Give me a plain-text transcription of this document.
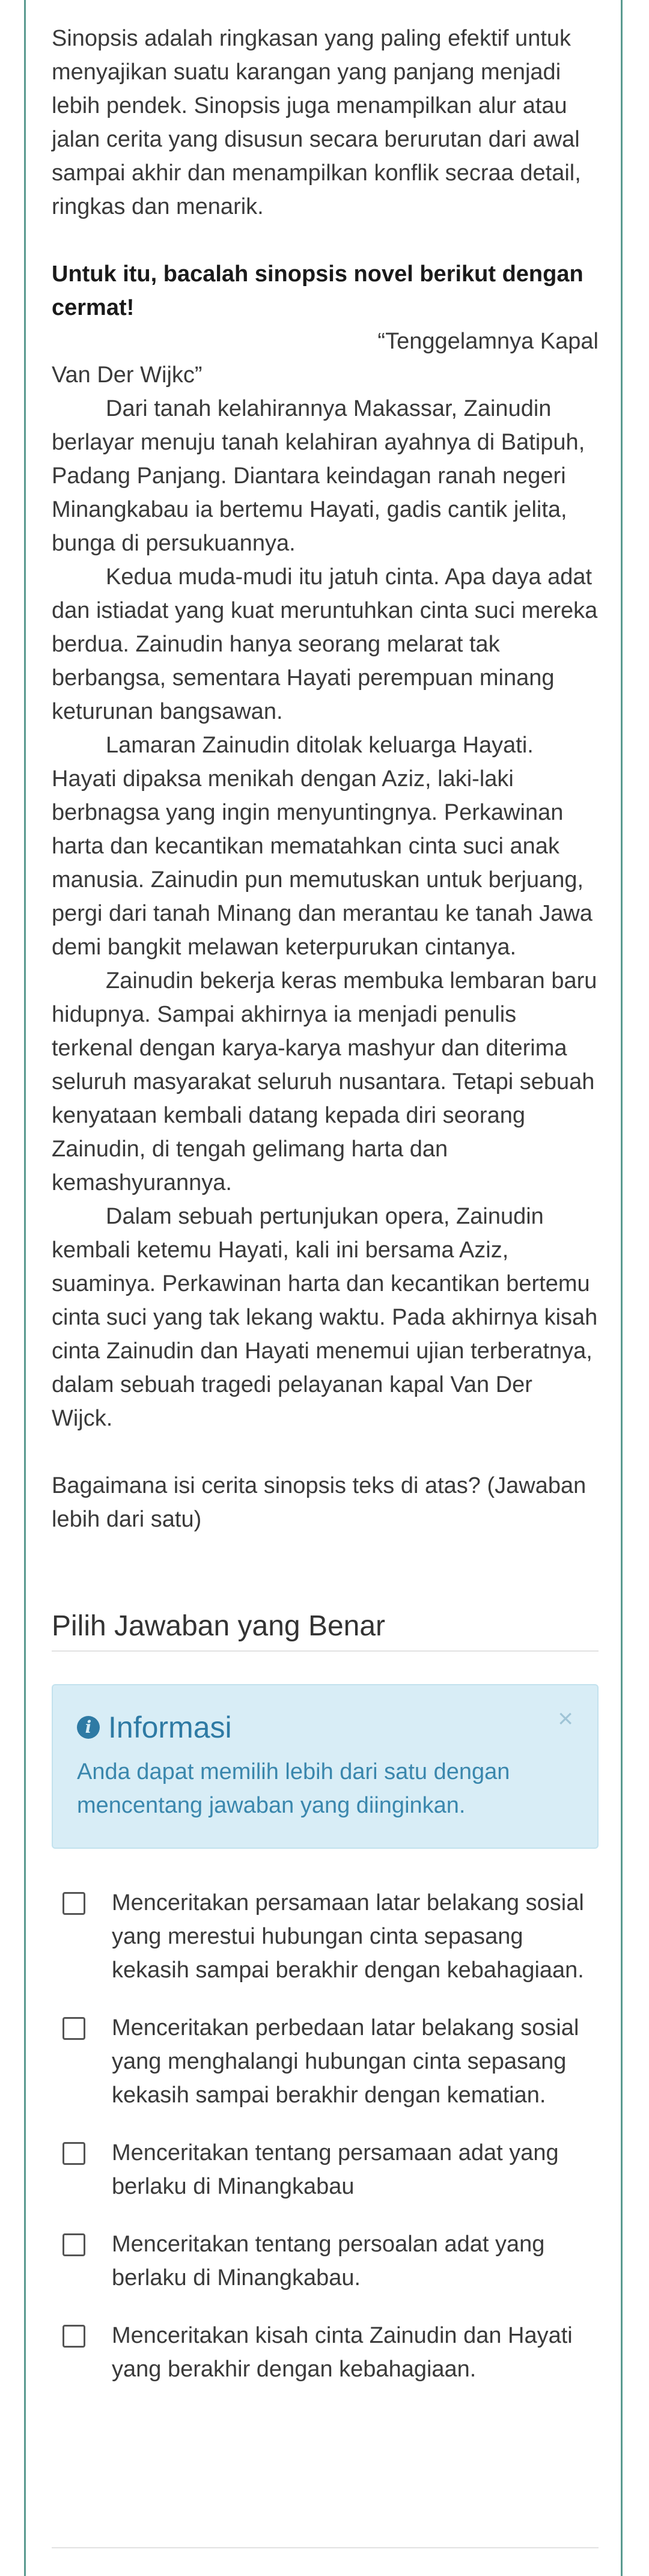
Sinopsis adalah ringkasan yang paling efektif untuk menyajikan suatu karangan yang panjang menjadi lebih pendek. Sinopsis juga menampilkan alur atau jalan cerita yang disusun secara berurutan dari awal sampai akhir dan menampilkan konflik secraa detail, ringkas dan menarik.

Untuk itu, bacalah sinopsis novel berikut dengan cermat!

“Tenggelamnya Kapal

Van Der Wijkc”

Dari tanah kelahirannya Makassar, Zainudin berlayar menuju tanah kelahiran ayahnya di Batipuh, Padang Panjang. Diantara keindagan ranah negeri Minangkabau ia bertemu Hayati, gadis cantik jelita, bunga di persukuannya.

Kedua muda-mudi itu jatuh cinta. Apa daya adat dan istiadat yang kuat meruntuhkan cinta suci mereka berdua. Zainudin hanya seorang melarat tak berbangsa, sementara Hayati perempuan minang keturunan bangsawan.

Lamaran Zainudin ditolak keluarga Hayati. Hayati dipaksa menikah dengan Aziz, laki-laki berbnagsa yang ingin menyuntingnya. Perkawinan harta dan kecantikan mematahkan cinta suci anak manusia. Zainudin pun memutuskan untuk berjuang, pergi dari tanah Minang dan merantau ke tanah Jawa demi bangkit melawan keterpurukan cintanya.

Zainudin bekerja keras membuka lembaran baru hidupnya. Sampai akhirnya ia menjadi penulis terkenal dengan karya-karya mashyur dan diterima seluruh masyarakat seluruh nusantara. Tetapi sebuah kenyataan kembali datang kepada diri seorang Zainudin, di tengah gelimang harta dan kemashyurannya.

Dalam sebuah pertunjukan opera, Zainudin kembali ketemu Hayati, kali ini bersama Aziz, suaminya. Perkawinan harta dan kecantikan bertemu cinta suci yang tak lekang waktu. Pada akhirnya kisah cinta Zainudin dan Hayati menemui ujian terberatnya, dalam sebuah tragedi pelayanan kapal Van Der Wijck.

Bagaimana isi cerita sinopsis teks di atas? (Jawaban lebih dari satu)

Pilih Jawaban yang Benar
i Informasi	×
Anda dapat memilih lebih dari satu dengan mencentang jawaban yang diinginkan.
Menceritakan persamaan latar belakang sosial yang merestui hubungan cinta sepasang kekasih sampai berakhir dengan kebahagiaan.
Menceritakan perbedaan latar belakang sosial yang menghalangi hubungan cinta sepasang kekasih sampai berakhir dengan kematian.
Menceritakan tentang persamaan adat yang berlaku di Minangkabau
Menceritakan tentang persoalan adat yang berlaku di Minangkabau.
Menceritakan kisah cinta Zainudin dan Hayati yang berakhir dengan kebahagiaan.
